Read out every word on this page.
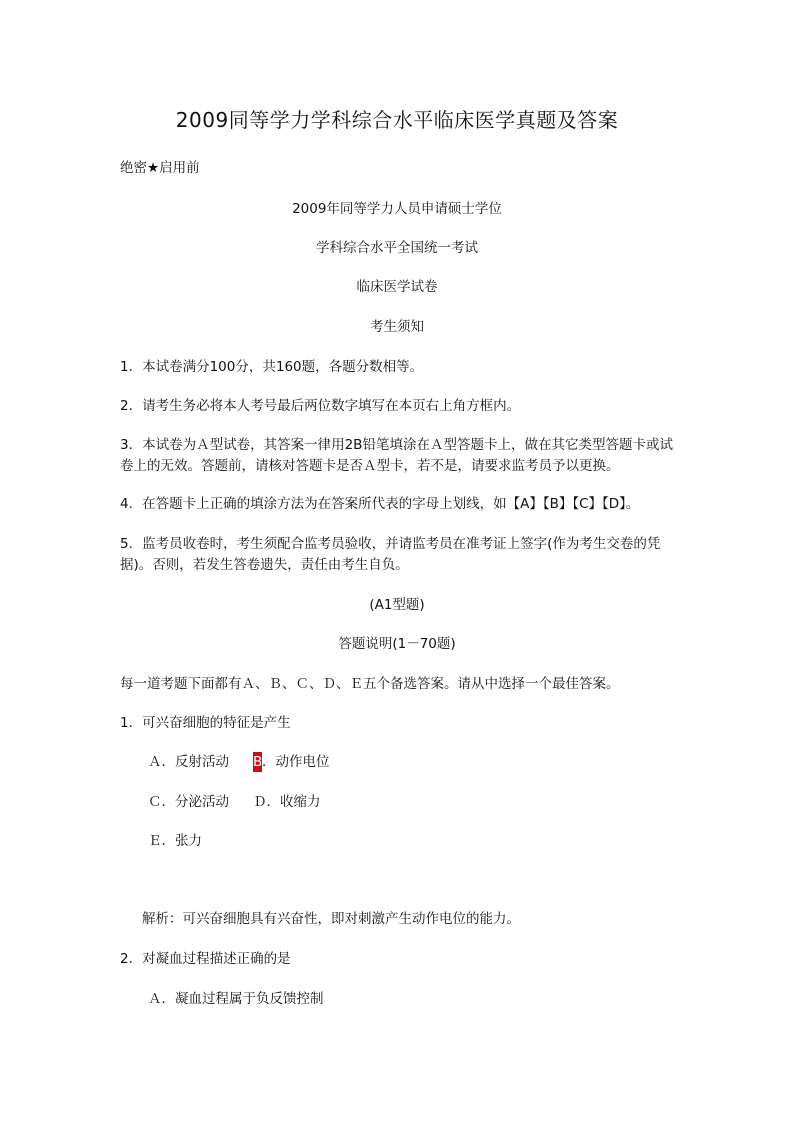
2009同等学力学科综合水平临床医学真题及答案
绝密★启用前
2009年同等学力人员申请硕士学位
学科综合水平全国统一考试
临床医学试卷
考生须知
1．本试卷满分100分，共160题，各题分数相等。
2．请考生务必将本人考号最后两位数字填写在本页右上角方框内。
3．本试卷为Ａ型试卷，其答案一律用2B铅笔填涂在Ａ型答题卡上，做在其它类型答题卡或试卷上的无效。答题前，请核对答题卡是否Ａ型卡，若不是，请要求监考员予以更换。
4．在答题卡上正确的填涂方法为在答案所代表的字母上划线，如【A】【B】【C】【D】。
5．监考员收卷时，考生须配合监考员验收，并请监考员在准考证上签字(作为考生交卷的凭据)。否则，若发生答卷遗失，责任由考生自负。
(A1型题)
答题说明(1－70题)
每一道考题下面都有Ａ、Ｂ、Ｃ、Ｄ、Ｅ五个备选答案。请从中选择一个最佳答案。
1．可兴奋细胞的特征是产生
Ａ．反射活动 B．动作电位
Ｃ．分泌活动 Ｄ．收缩力
Ｅ．张力
解析：可兴奋细胞具有兴奋性，即对刺激产生动作电位的能力。
2．对凝血过程描述正确的是
Ａ．凝血过程属于负反馈控制
